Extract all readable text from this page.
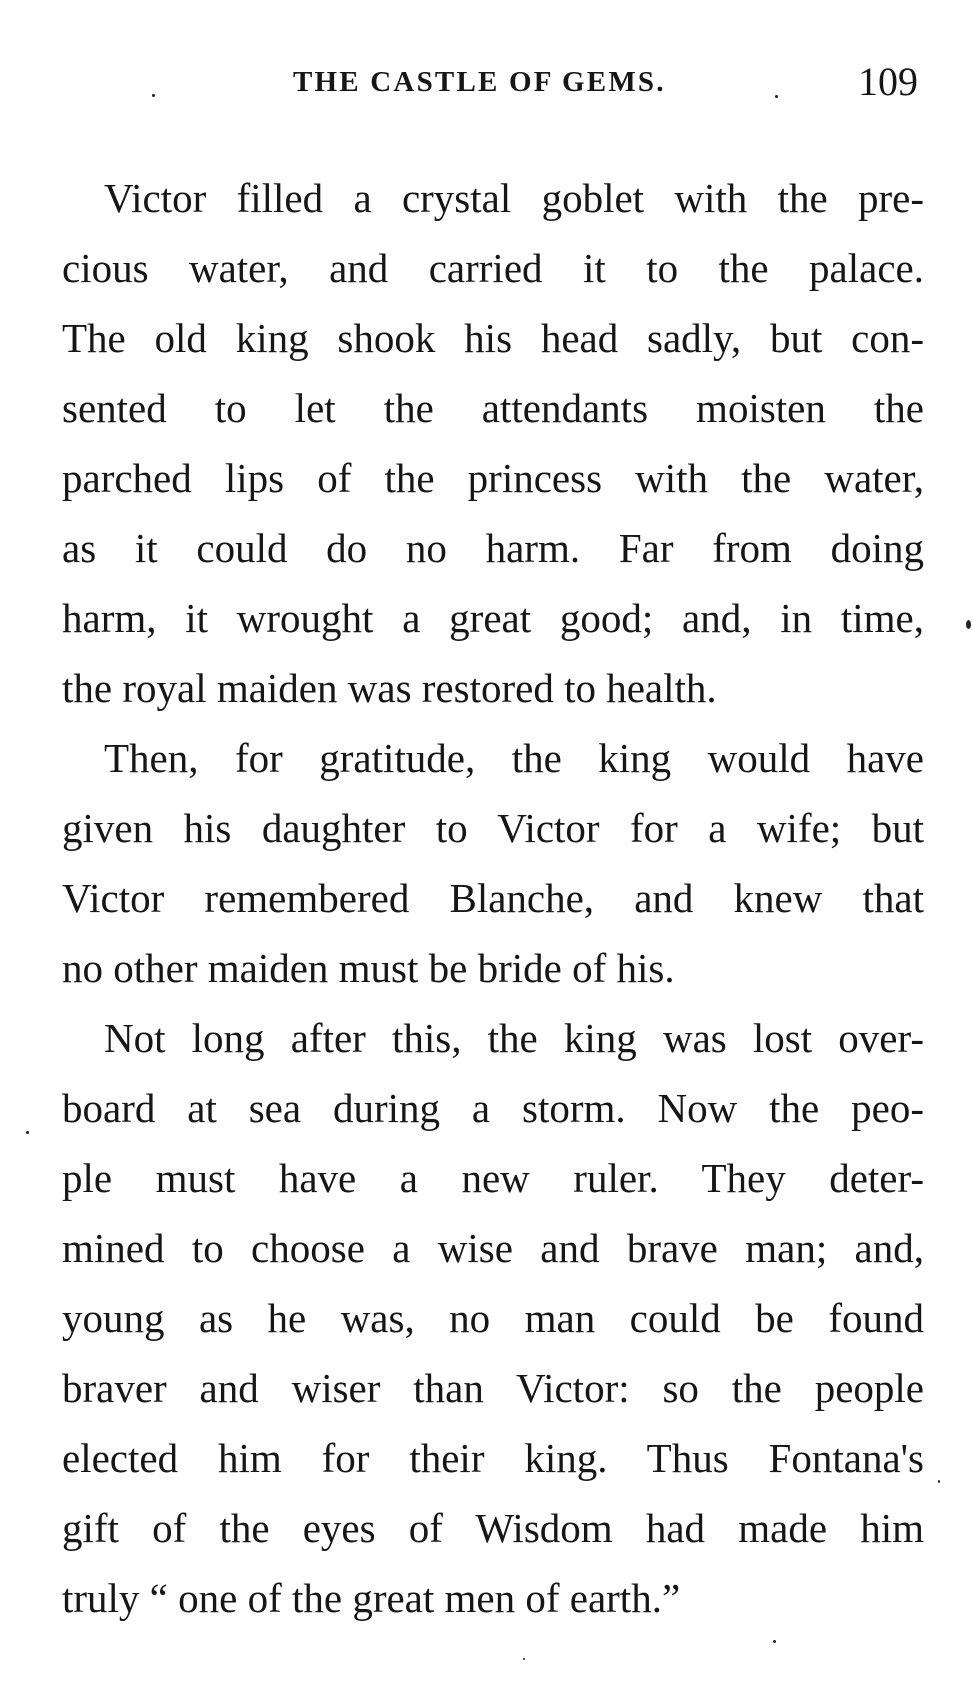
THE CASTLE OF GEMS.	109
Victor filled a crystal goblet with the pre-
cious water, and carried it to the palace.
The old king shook his head sadly, but con-
sented to let the attendants moisten the
parched lips of the princess with the water,
as it could do no harm. Far from doing
harm, it wrought a great good; and, in time,
the royal maiden was restored to health.
Then, for gratitude, the king would have
given his daughter to Victor for a wife; but
Victor remembered Blanche, and knew that
no other maiden must be bride of his.
Not long after this, the king was lost over-
board at sea during a storm. Now the peo-
ple must have a new ruler. They deter-
mined to choose a wise and brave man; and,
young as he was, no man could be found
braver and wiser than Victor: so the people
elected him for their king. Thus Fontana's
gift of the eyes of Wisdom had made him
truly “ one of the great men of earth.”
